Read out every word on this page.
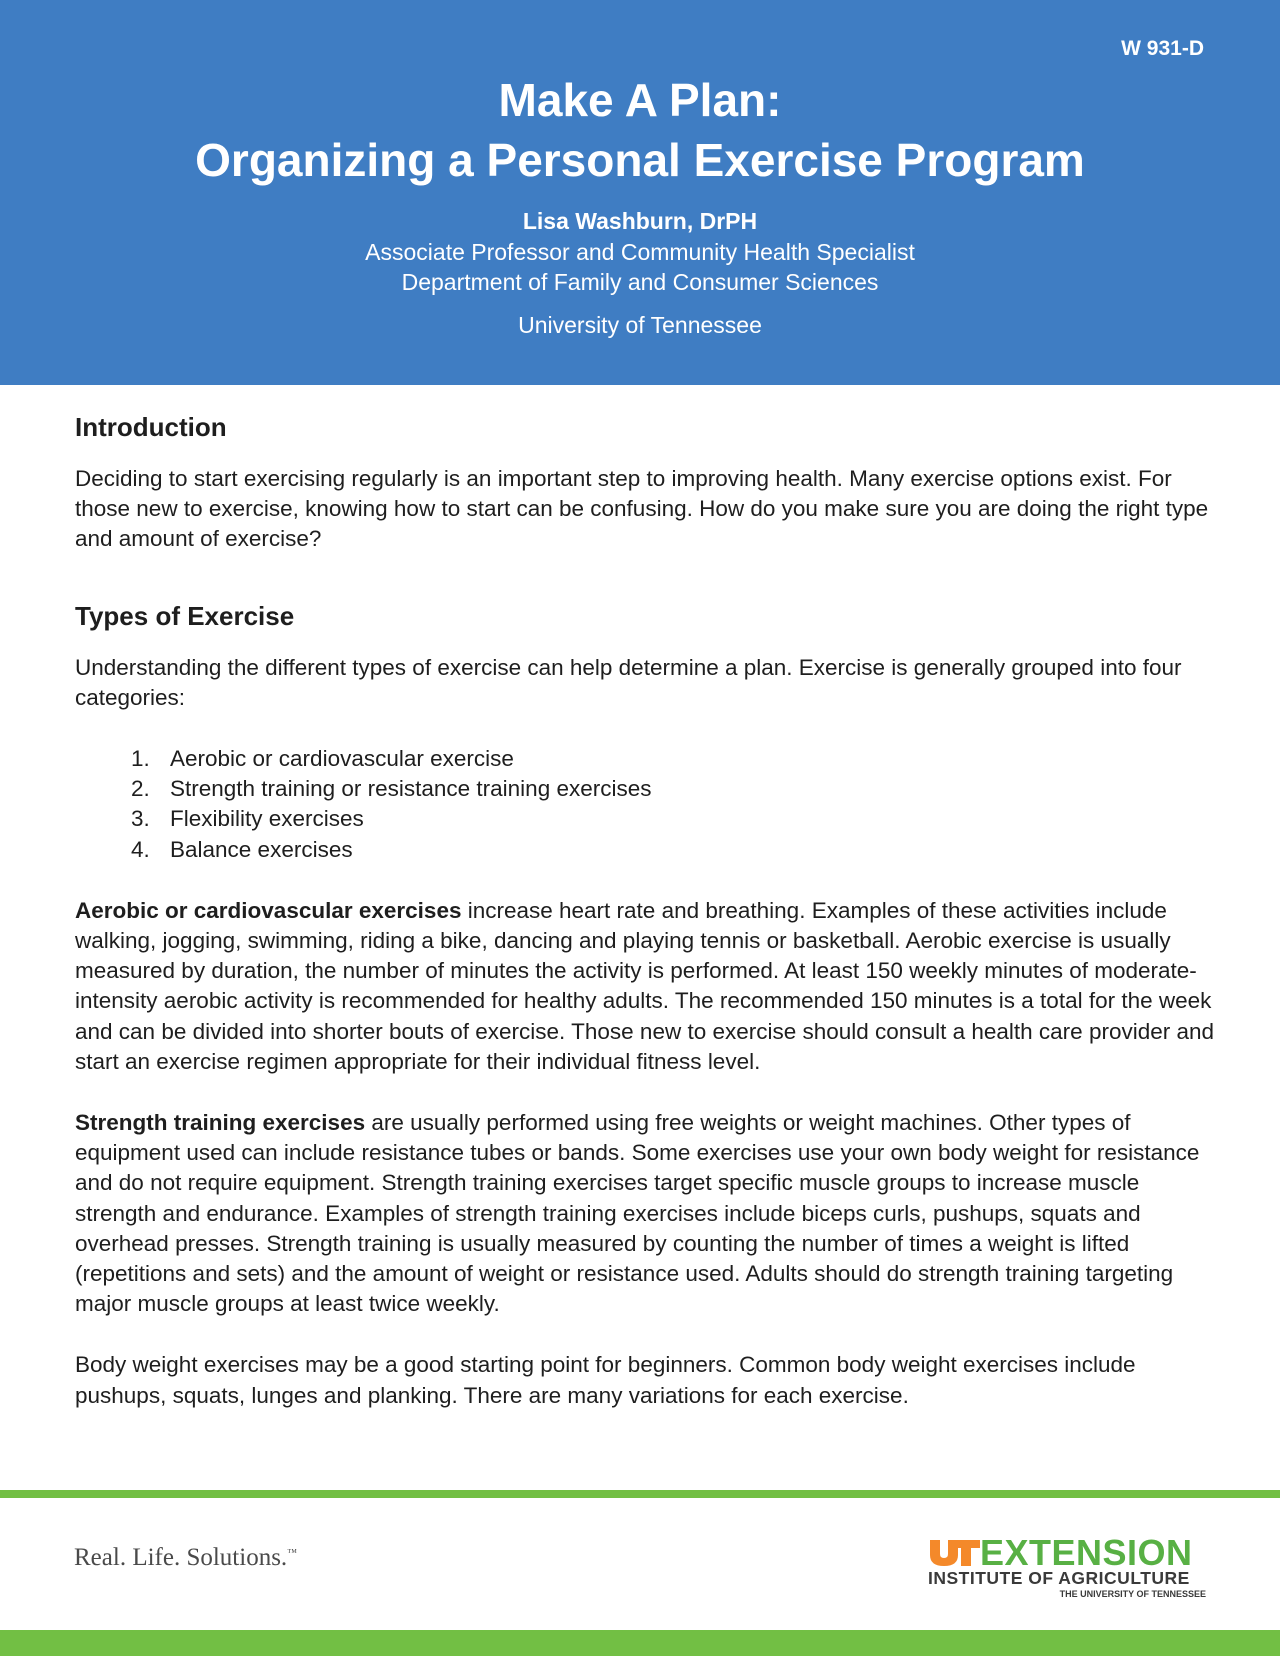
W 931-D
Make A Plan:
Organizing a Personal Exercise Program
Lisa Washburn, DrPH
Associate Professor and Community Health Specialist
Department of Family and Consumer Sciences
University of Tennessee
Introduction

Deciding to start exercising regularly is an important step to improving health. Many exercise options exist. For those new to exercise, knowing how to start can be confusing. How do you make sure you are doing the right type and amount of exercise?

Types of Exercise

Understanding the different types of exercise can help determine a plan. Exercise is generally grouped into four categories:

1. Aerobic or cardiovascular exercise
2. Strength training or resistance training exercises
3. Flexibility exercises
4. Balance exercises

Aerobic or cardiovascular exercises increase heart rate and breathing. Examples of these activities include walking, jogging, swimming, riding a bike, dancing and playing tennis or basketball. Aerobic exercise is usually measured by duration, the number of minutes the activity is performed. At least 150 weekly minutes of moderate-intensity aerobic activity is recommended for healthy adults. The recommended 150 minutes is a total for the week and can be divided into shorter bouts of exercise. Those new to exercise should consult a health care provider and start an exercise regimen appropriate for their individual fitness level.

Strength training exercises are usually performed using free weights or weight machines. Other types of equipment used can include resistance tubes or bands. Some exercises use your own body weight for resistance and do not require equipment. Strength training exercises target specific muscle groups to increase muscle strength and endurance. Examples of strength training exercises include biceps curls, pushups, squats and overhead presses. Strength training is usually measured by counting the number of times a weight is lifted (repetitions and sets) and the amount of weight or resistance used. Adults should do strength training targeting major muscle groups at least twice weekly.

Body weight exercises may be a good starting point for beginners. Common body weight exercises include pushups, squats, lunges and planking. There are many variations for each exercise.

Real. Life. Solutions.™	EXTENSION
INSTITUTE OF AGRICULTURE
THE UNIVERSITY OF TENNESSEE
